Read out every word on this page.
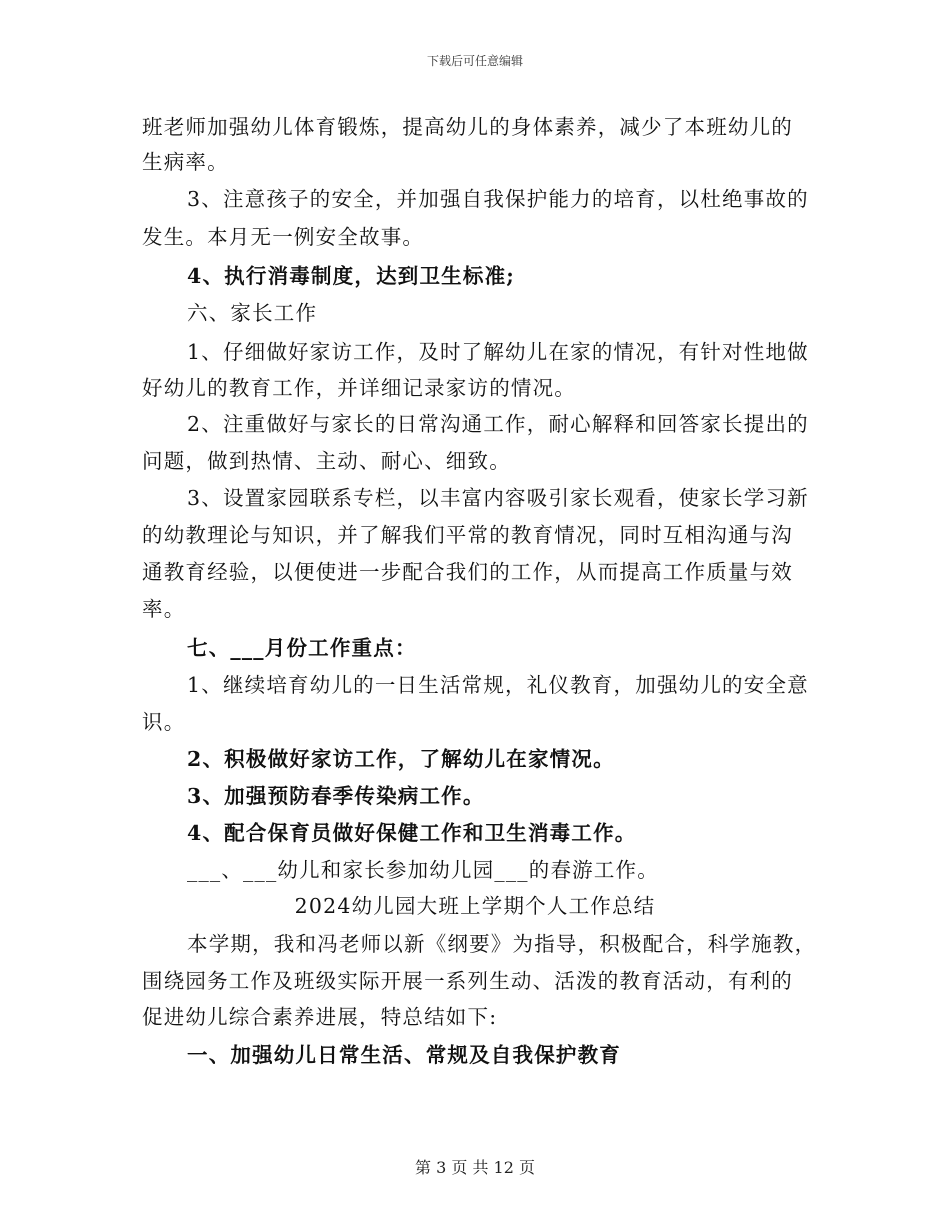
下载后可任意编辑
班老师加强幼儿体育锻炼，提高幼儿的身体素养，减少了本班幼儿的
生病率。
3、注意孩子的安全，并加强自我保护能力的培育，以杜绝事故的
发生。本月无一例安全故事。
4、执行消毒制度，达到卫生标准;
六、家长工作
1、仔细做好家访工作，及时了解幼儿在家的情况，有针对性地做
好幼儿的教育工作，并详细记录家访的情况。
2、注重做好与家长的日常沟通工作，耐心解释和回答家长提出的
问题，做到热情、主动、耐心、细致。
3、设置家园联系专栏，以丰富内容吸引家长观看，使家长学习新
的幼教理论与知识，并了解我们平常的教育情况，同时互相沟通与沟
通教育经验，以便使进一步配合我们的工作，从而提高工作质量与效
率。
七、___月份工作重点：
1、继续培育幼儿的一日生活常规，礼仪教育，加强幼儿的安全意
识。
2、积极做好家访工作，了解幼儿在家情况。
3、加强预防春季传染病工作。
4、配合保育员做好保健工作和卫生消毒工作。
___、___幼儿和家长参加幼儿园___的春游工作。
2024幼儿园大班上学期个人工作总结
本学期，我和冯老师以新《纲要》为指导，积极配合，科学施教，
围绕园务工作及班级实际开展一系列生动、活泼的教育活动，有利的
促进幼儿综合素养进展，特总结如下:
一、加强幼儿日常生活、常规及自我保护教育
第 3 页 共 12 页
